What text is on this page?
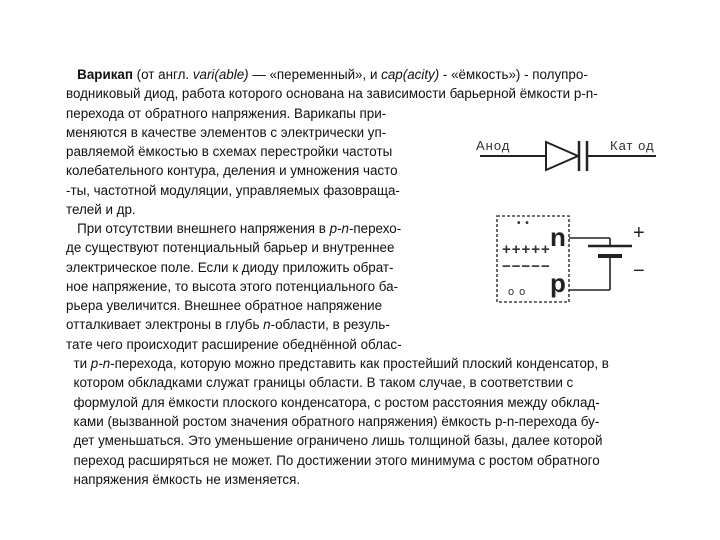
Варикап (от англ. vari(able) — «переменный», и cap(acity) - «ёмкость») - полупро-
водниковый диод, работа которого основана на зависимости барьерной ёмкости p-n-
перехода от обратного напряжения. Варикапы при-
меняются в качестве элементов с электрически уп-
равляемой ёмкостью в схемах перестройки частоты
колебательного контура, деления и умножения часто
-ты, частотной модуляции, управляемых фазовраща-
телей и др.
При отсутствии внешнего напряжения в p-n-перехо-
де существуют потенциальный барьер и внутреннее
электрическое поле. Если к диоду приложить обрат-
ное напряжение, то высота этого потенциального ба-
рьера увеличится. Внешнее обратное напряжение
отталкивает электроны в глубь n-области, в резуль-
тате чего происходит расширение обеднённой облас-
ти p-n-перехода, которую можно представить как простейший плоский конденсатор, в
котором обкладками служат границы области. В таком случае, в соответствии с
формулой для ёмкости плоского конденсатора, с ростом расстояния между обклад-
ками (вызванной ростом значения обратного напряжения) ёмкость p-n-перехода бу-
дет уменьшаться. Это уменьшение ограничено лишь толщиной базы, далее которой
переход расширяться не может. По достижении этого минимума с ростом обратного
напряжения ёмкость не изменяется.
Анод	Кат од
• • n
+++++
−−−−−
p
o o
+
−
